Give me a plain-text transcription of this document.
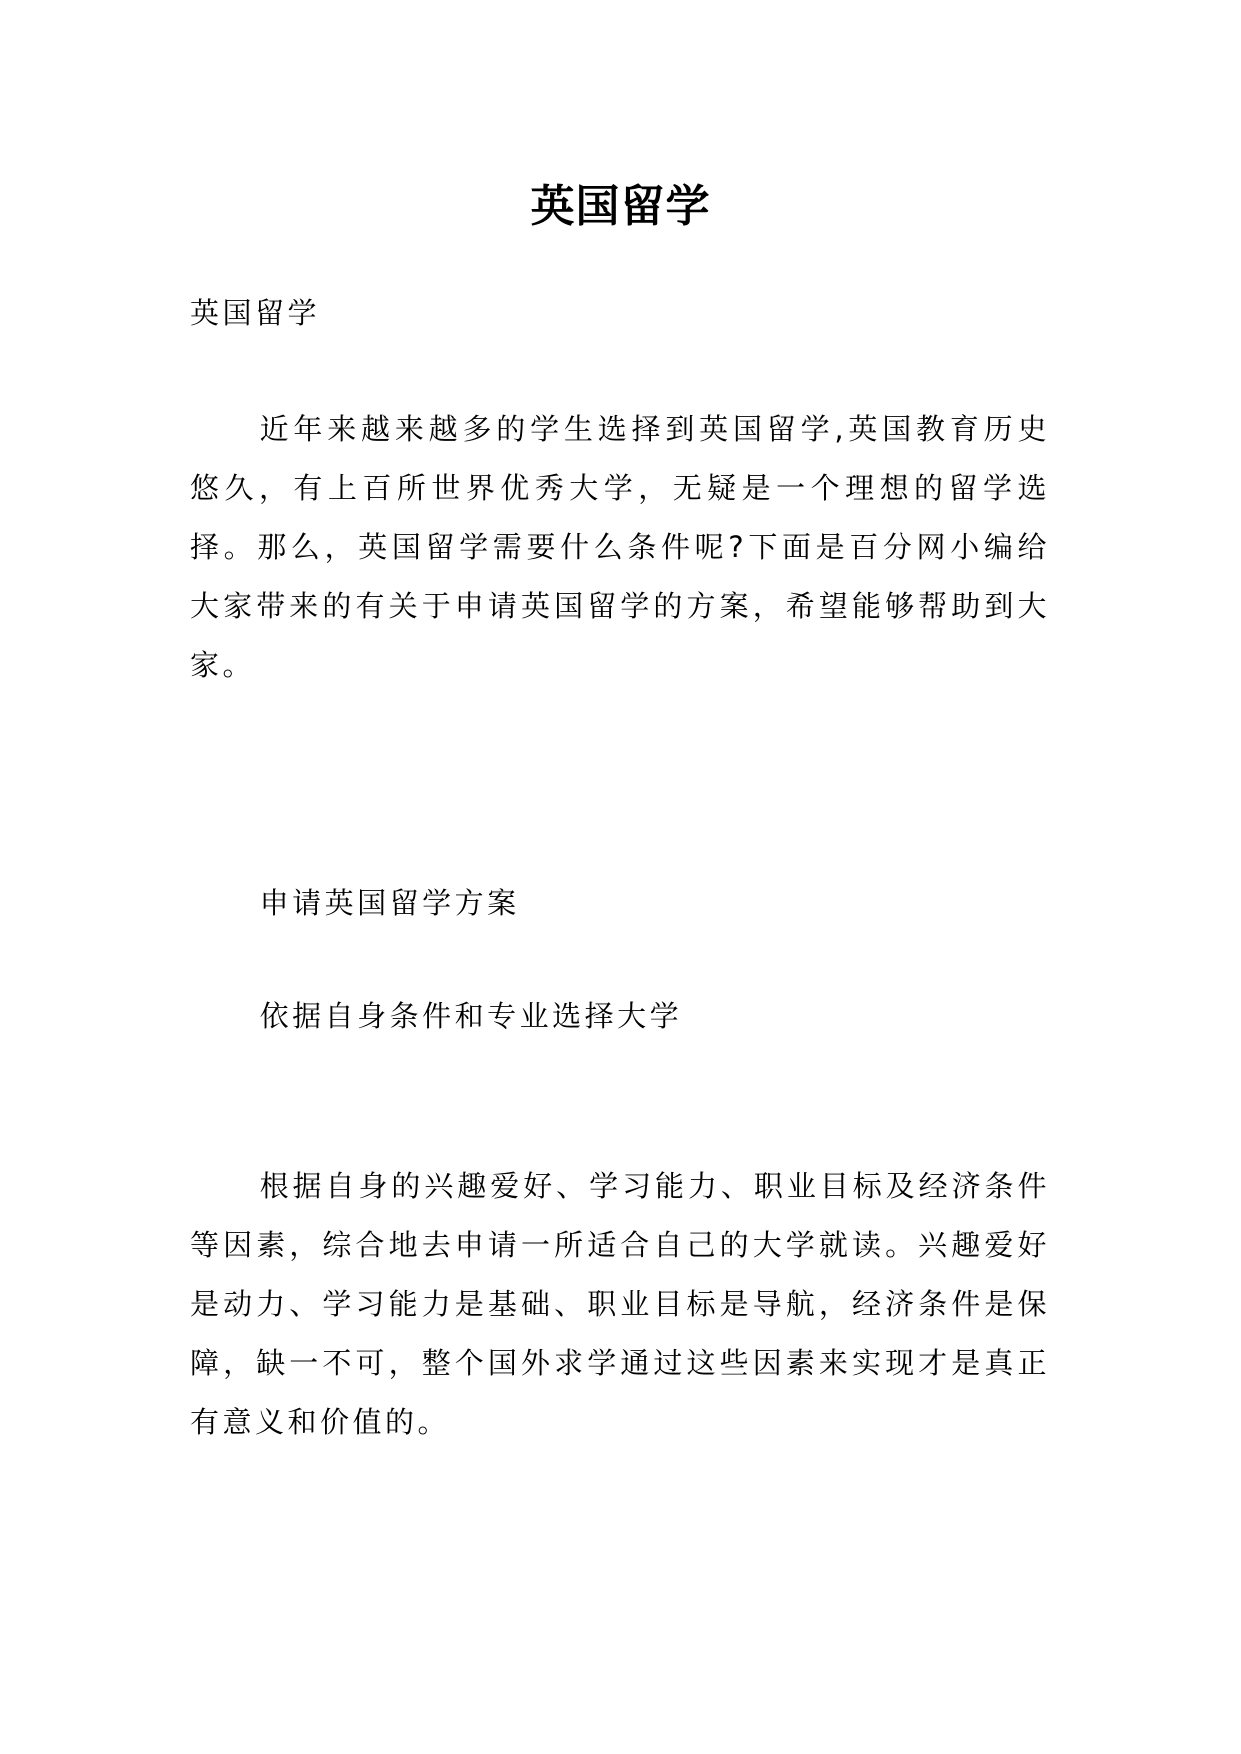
英国留学

英国留学

近年来越来越多的学生选择到英国留学,英国教育历史悠久，有上百所世界优秀大学，无疑是一个理想的留学选择。那么，英国留学需要什么条件呢?下面是百分网小编给大家带来的有关于申请英国留学的方案，希望能够帮助到大家。

申请英国留学方案

依据自身条件和专业选择大学

根据自身的兴趣爱好、学习能力、职业目标及经济条件等因素，综合地去申请一所适合自己的大学就读。兴趣爱好是动力、学习能力是基础、职业目标是导航，经济条件是保障，缺一不可，整个国外求学通过这些因素来实现才是真正有意义和价值的。
